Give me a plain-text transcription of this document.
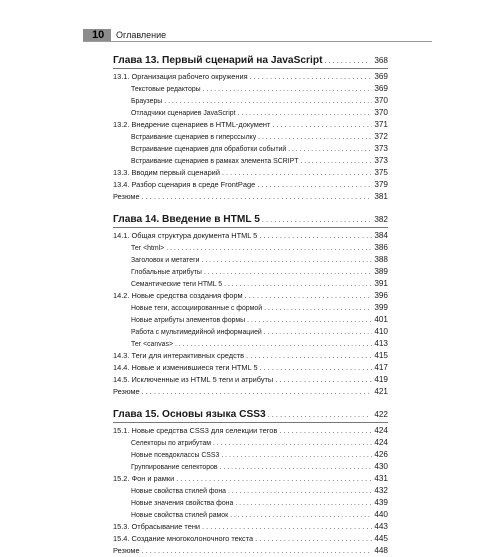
10	Оглавление
Глава 13. Первый сценарий на JavaScript . . .	368
13.1. Организация рабочего окружения . . .	369
Текстовые редакторы . . .	369
Браузеры . . .	370
Отладчики сценариев JavaScript . . .	370
13.2. Внедрение сценариев в HTML-документ . . .	371
Встраивание сценариев в гиперссылку . . .	372
Встраивание сценариев для обработки событий . . .	373
Встраивание сценариев в рамках элемента SCRIPT . . .	373
13.3. Вводим первый сценарий . . .	375
13.4. Разбор сценария в среде FrontPage . . .	379
Резюме . . .	381
Глава 14. Введение в HTML 5 . . .	382
14.1. Общая структура документа HTML 5 . . .	384
Тег <html> . . .	386
Заголовок и метатеги . . .	388
Глобальные атрибуты . . .	389
Семантические теги HTML 5 . . .	391
14.2. Новые средства создания форм . . .	396
Новые теги, ассоциированные с формой . . .	399
Новые атрибуты элементов формы . . .	401
Работа с мультимедийной информацией . . .	410
Тег <canvas> . . .	413
14.3. Теги для интерактивных средств . . .	415
14.4. Новые и изменившиеся теги HTML 5 . . .	417
14.5. Исключенные из HTML 5 теги и атрибуты . . .	419
Резюме . . .	421
Глава 15. Основы языка CSS3 . . .	422
15.1. Новые средства CSS3 для селекции тегов . . .	424
Селекторы по атрибутам . . .	424
Новые псевдоклассы CSS3 . . .	426
Группирование селекторов . . .	430
15.2. Фон и рамки . . .	431
Новые свойства стилей фона . . .	432
Новые значения свойства фона . . .	439
Новые свойства стилей рамок . . .	440
15.3. Отбрасывание тени . . .	443
15.4. Создание многоколоночного текста . . .	445
Резюме . . .	448
